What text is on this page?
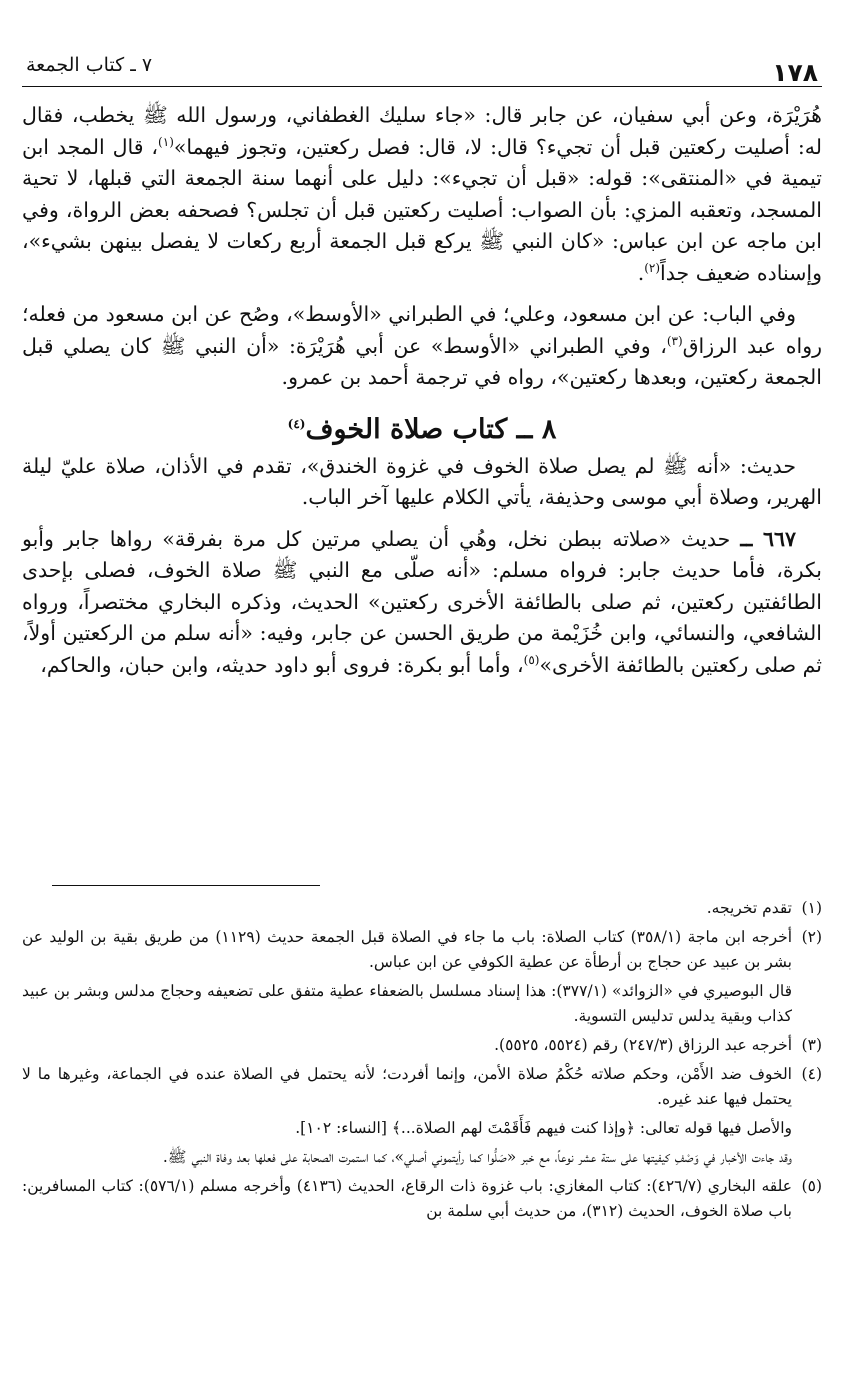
١٧٨
٧ ـ كتاب الجمعة

هُرَيْرَة، وعن أبي سفيان، عن جابر قال: «جاء سليك الغطفاني، ورسول الله ﷺ يخطب، فقال له: أصليت ركعتين قبل أن تجيء؟ قال: لا، قال: فصل ركعتين، وتجوز فيهما»$^{(١)}$، قال المجد ابن تيمية في «المنتقى»: قوله: «قبل أن تجيء»: دليل على أنهما سنة الجمعة التي قبلها، لا تحية المسجد، وتعقبه المزي: بأن الصواب: أصليت ركعتين قبل أن تجلس؟ فصحفه بعض الرواة، وفي ابن ماجه عن ابن عباس: «كان النبي ﷺ يركع قبل الجمعة أربع ركعات لا يفصل بينهن بشيء»، وإسناده ضعيف جداً$^{(٢)}$.

وفي الباب: عن ابن مسعود، وعلي؛ في الطبراني «الأوسط»، وصُح عن ابن مسعود من فعله؛ رواه عبد الرزاق$^{(٣)}$، وفي الطبراني «الأوسط» عن أبي هُرَيْرَة: «أن النبي ﷺ كان يصلي قبل الجمعة ركعتين، وبعدها ركعتين»، رواه في ترجمة أحمد بن عمرو.

٨ ــ كتاب صلاة الخوف$^{(٤)}$

حديث: «أنه ﷺ لم يصل صلاة الخوف في غزوة الخندق»، تقدم في الأذان، صلاة عليّ ليلة الهرير، وصلاة أبي موسى وحذيفة، يأتي الكلام عليها آخر الباب.

٦٦٧ ــ حديث «صلاته ببطن نخل، وهُي أن يصلي مرتين كل مرة بفرقة» رواها جابر وأبو بكرة، فأما حديث جابر: فرواه مسلم: «أنه صلّى مع النبي ﷺ صلاة الخوف، فصلى بإحدى الطائفتين ركعتين، ثم صلى بالطائفة الأخرى ركعتين» الحديث، وذكره البخاري مختصراً، ورواه الشافعي، والنسائي، وابن خُزَيْمة من طريق الحسن عن جابر، وفيه: «أنه سلم من الركعتين أولاً، ثم صلى ركعتين بالطائفة الأخرى»$^{(٥)}$، وأما أبو بكرة: فروى أبو داود حديثه، وابن حبان، والحاكم،

(١)تقدم تخريجه.

(٢)أخرجه ابن ماجة (٣٥٨/١) كتاب الصلاة: باب ما جاء في الصلاة قبل الجمعة حديث (١١٢٩) من طريق بقية بن الوليد عن بشر بن عبيد عن حجاج بن أرطأة عن عطية الكوفي عن ابن عباس.

قال البوصيري في «الزوائد» (٣٧٧/١): هذا إسناد مسلسل بالضعفاء عطية متفق على تضعيفه وحجاج مدلس وبشر بن عبيد كذاب وبقية يدلس تدليس التسوية.

(٣)أخرجه عبد الرزاق (٢٤٧/٣) رقم (٥٥٢٤، ٥٥٢٥).

(٤)الخوف ضد الأَمْن، وحكم صلاته حُكْمُ صلاة الأمن، وإنما أفردت؛ لأنه يحتمل في الصلاة عنده في الجماعة، وغيرها ما لا يحتمل فيها عند غيره.

والأصل فيها قوله تعالى: ﴿وإذا كنت فيهم فَأَقَمْتَ لهم الصلاة...﴾ [النساء: ١٠٢].

وقد جاءت الأخبار في وَصْفِ كيفيتها على ستة عشر نوعاً، مع خبر «صَلُّوا كما رأيتموني أصلي»، كما استمرت الصحابة على فعلها بعد وفاة النبي ﷺ.

(٥)علقه البخاري (٤٢٦/٧): كتاب المغازي: باب غزوة ذات الرقاع، الحديث (٤١٣٦) وأخرجه مسلم (٥٧٦/١): كتاب المسافرين: باب صلاة الخوف، الحديث (٣١٢)، من حديث أبي سلمة بن
